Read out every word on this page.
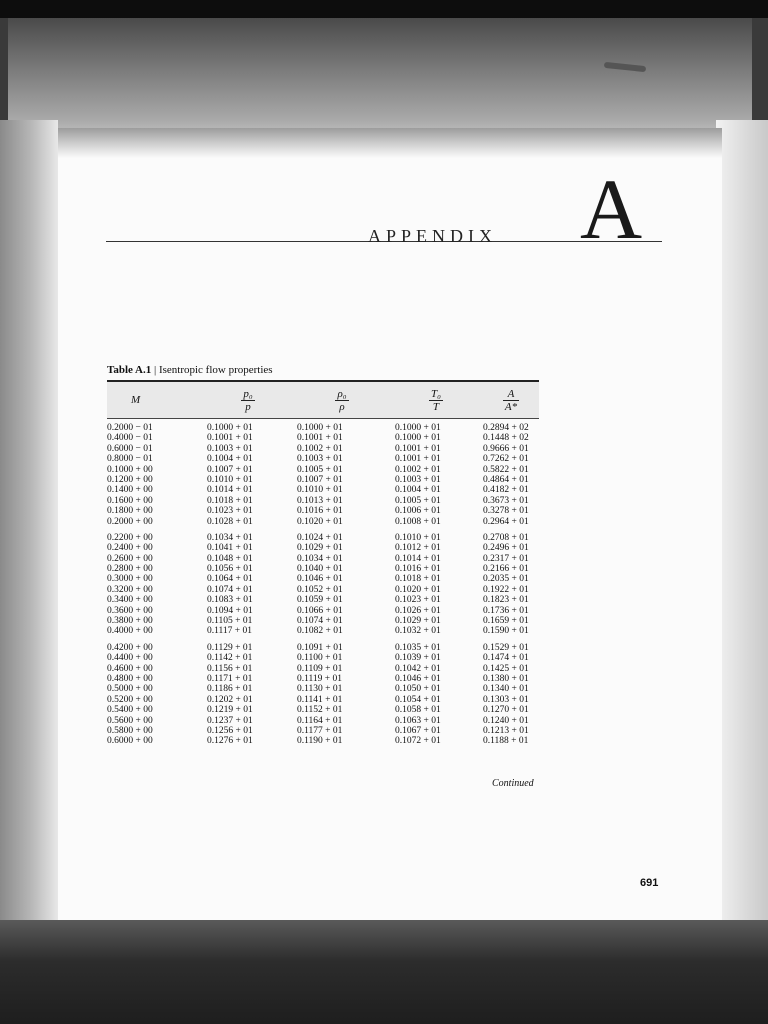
APPENDIX A
Table A.1 | Isentropic flow properties
M	$\frac{\text{p₀}}{p}$	$\frac{\text{ρ₀}}{\rho}$	$\frac{\text{T₀}}{T}$	$\frac{A}{A*}$
0.2000 − 01	0.1000 + 01	0.1000 + 01	0.1000 + 01	0.2894 + 02
0.4000 − 01	0.1001 + 01	0.1001 + 01	0.1000 + 01	0.1448 + 02
0.6000 − 01	0.1003 + 01	0.1002 + 01	0.1001 + 01	0.9666 + 01
0.8000 − 01	0.1004 + 01	0.1003 + 01	0.1001 + 01	0.7262 + 01
0.1000 + 00	0.1007 + 01	0.1005 + 01	0.1002 + 01	0.5822 + 01
0.1200 + 00	0.1010 + 01	0.1007 + 01	0.1003 + 01	0.4864 + 01
0.1400 + 00	0.1014 + 01	0.1010 + 01	0.1004 + 01	0.4182 + 01
0.1600 + 00	0.1018 + 01	0.1013 + 01	0.1005 + 01	0.3673 + 01
0.1800 + 00	0.1023 + 01	0.1016 + 01	0.1006 + 01	0.3278 + 01
0.2000 + 00	0.1028 + 01	0.1020 + 01	0.1008 + 01	0.2964 + 01
0.2200 + 00	0.1034 + 01	0.1024 + 01	0.1010 + 01	0.2708 + 01
0.2400 + 00	0.1041 + 01	0.1029 + 01	0.1012 + 01	0.2496 + 01
0.2600 + 00	0.1048 + 01	0.1034 + 01	0.1014 + 01	0.2317 + 01
0.2800 + 00	0.1056 + 01	0.1040 + 01	0.1016 + 01	0.2166 + 01
0.3000 + 00	0.1064 + 01	0.1046 + 01	0.1018 + 01	0.2035 + 01
0.3200 + 00	0.1074 + 01	0.1052 + 01	0.1020 + 01	0.1922 + 01
0.3400 + 00	0.1083 + 01	0.1059 + 01	0.1023 + 01	0.1823 + 01
0.3600 + 00	0.1094 + 01	0.1066 + 01	0.1026 + 01	0.1736 + 01
0.3800 + 00	0.1105 + 01	0.1074 + 01	0.1029 + 01	0.1659 + 01
0.4000 + 00	0.1117 + 01	0.1082 + 01	0.1032 + 01	0.1590 + 01
0.4200 + 00	0.1129 + 01	0.1091 + 01	0.1035 + 01	0.1529 + 01
0.4400 + 00	0.1142 + 01	0.1100 + 01	0.1039 + 01	0.1474 + 01
0.4600 + 00	0.1156 + 01	0.1109 + 01	0.1042 + 01	0.1425 + 01
0.4800 + 00	0.1171 + 01	0.1119 + 01	0.1046 + 01	0.1380 + 01
0.5000 + 00	0.1186 + 01	0.1130 + 01	0.1050 + 01	0.1340 + 01
0.5200 + 00	0.1202 + 01	0.1141 + 01	0.1054 + 01	0.1303 + 01
0.5400 + 00	0.1219 + 01	0.1152 + 01	0.1058 + 01	0.1270 + 01
0.5600 + 00	0.1237 + 01	0.1164 + 01	0.1063 + 01	0.1240 + 01
0.5800 + 00	0.1256 + 01	0.1177 + 01	0.1067 + 01	0.1213 + 01
0.6000 + 00	0.1276 + 01	0.1190 + 01	0.1072 + 01	0.1188 + 01
Continued
691
